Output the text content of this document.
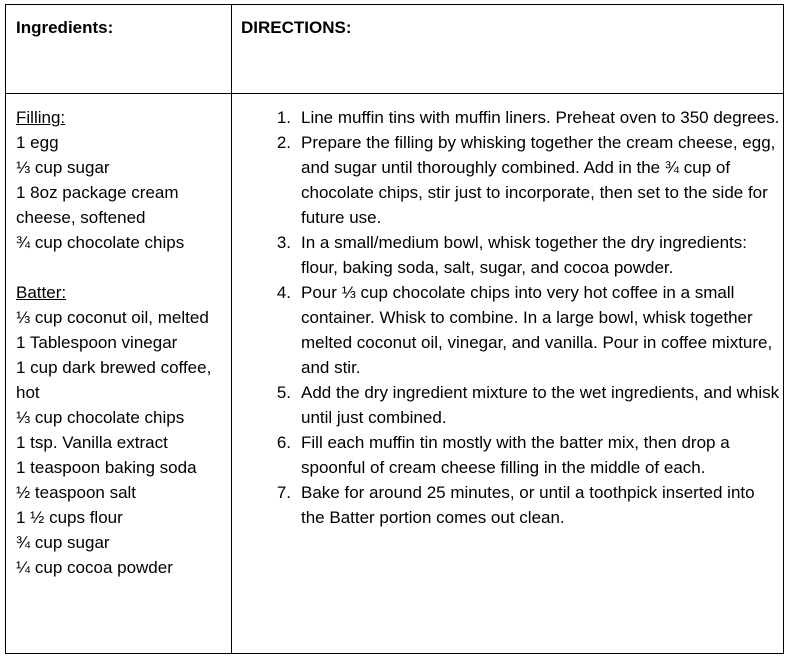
Ingredients:	DIRECTIONS:
Filling:
1 egg
⅓ cup sugar
1 8oz package cream cheese, softened
¾ cup chocolate chips
Batter:
⅓ cup coconut oil, melted
1 Tablespoon vinegar
1 cup dark brewed coffee, hot
⅓ cup chocolate chips
1 tsp. Vanilla extract
1 teaspoon baking soda
½ teaspoon salt
1 ½ cups flour
¾ cup sugar
¼ cup cocoa powder
1. Line muffin tins with muffin liners. Preheat oven to 350 degrees.
2. Prepare the filling by whisking together the cream cheese, egg, and sugar until thoroughly combined. Add in the ¾ cup of chocolate chips, stir just to incorporate, then set to the side for future use.
3. In a small/medium bowl, whisk together the dry ingredients: flour, baking soda, salt, sugar, and cocoa powder.
4. Pour ⅓ cup chocolate chips into very hot coffee in a small container. Whisk to combine. In a large bowl, whisk together melted coconut oil, vinegar, and vanilla. Pour in coffee mixture, and stir.
5. Add the dry ingredient mixture to the wet ingredients, and whisk until just combined.
6. Fill each muffin tin mostly with the batter mix, then drop a spoonful of cream cheese filling in the middle of each.
7. Bake for around 25 minutes, or until a toothpick inserted into the Batter portion comes out clean.
